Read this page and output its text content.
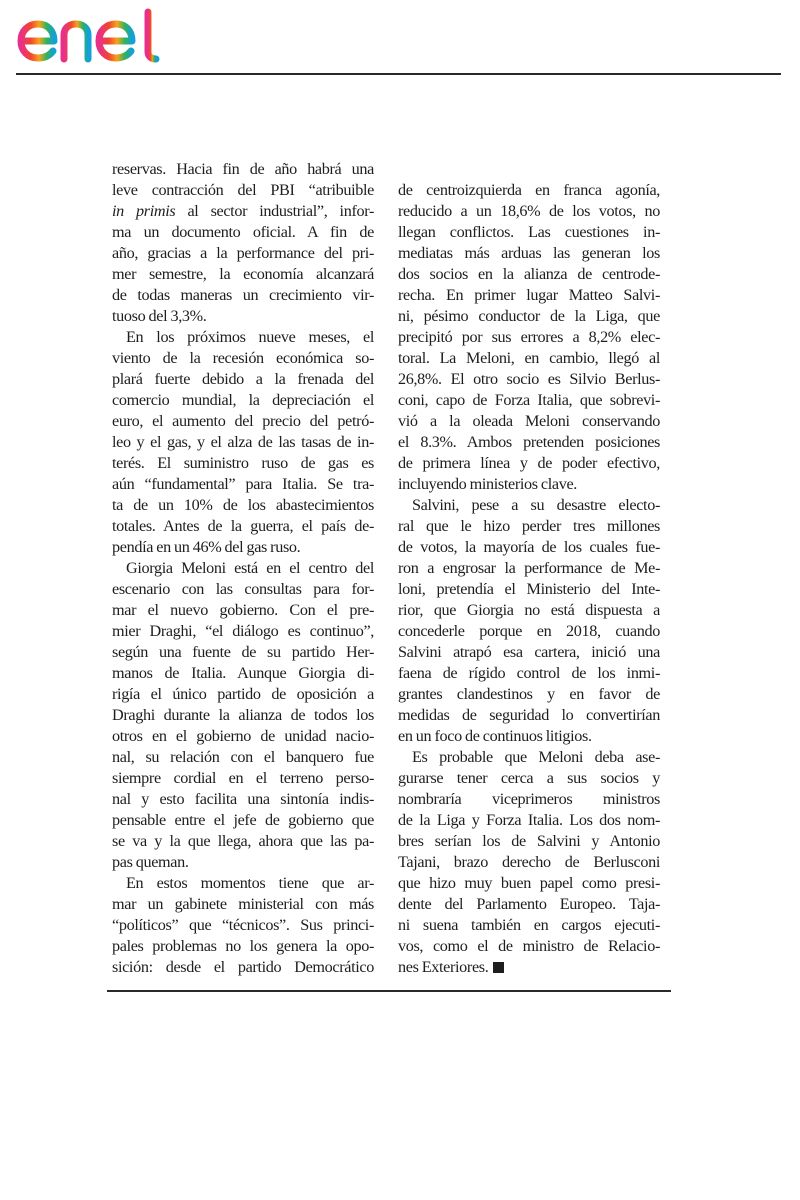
reservas. Hacia fin de año habrá una
leve contracción del PBI “atribuible
in primis al sector industrial”, infor-
ma un documento oficial. A fin de
año, gracias a la performance del pri-
mer semestre, la economía alcanzará
de todas maneras un crecimiento vir-
tuoso del 3,3%.
En los próximos nueve meses, el
viento de la recesión económica so-
plará fuerte debido a la frenada del
comercio mundial, la depreciación el
euro, el aumento del precio del petró-
leo y el gas, y el alza de las tasas de in-
terés. El suministro ruso de gas es
aún “fundamental” para Italia. Se tra-
ta de un 10% de los abastecimientos
totales. Antes de la guerra, el país de-
pendía en un 46% del gas ruso.
Giorgia Meloni está en el centro del
escenario con las consultas para for-
mar el nuevo gobierno. Con el pre-
mier Draghi, “el diálogo es continuo”,
según una fuente de su partido Her-
manos de Italia. Aunque Giorgia di-
rigía el único partido de oposición a
Draghi durante la alianza de todos los
otros en el gobierno de unidad nacio-
nal, su relación con el banquero fue
siempre cordial en el terreno perso-
nal y esto facilita una sintonía indis-
pensable entre el jefe de gobierno que
se va y la que llega, ahora que las pa-
pas queman.
En estos momentos tiene que ar-
mar un gabinete ministerial con más
“políticos” que “técnicos”. Sus princi-
pales problemas no los genera la opo-
sición: desde el partido Democrático
de centroizquierda en franca agonía,
reducido a un 18,6% de los votos, no
llegan conflictos. Las cuestiones in-
mediatas más arduas las generan los
dos socios en la alianza de centrode-
recha. En primer lugar Matteo Salvi-
ni, pésimo conductor de la Liga, que
precipitó por sus errores a 8,2% elec-
toral. La Meloni, en cambio, llegó al
26,8%. El otro socio es Silvio Berlus-
coni, capo de Forza Italia, que sobrevi-
vió a la oleada Meloni conservando
el 8.3%. Ambos pretenden posiciones
de primera línea y de poder efectivo,
incluyendo ministerios clave.
Salvini, pese a su desastre electo-
ral que le hizo perder tres millones
de votos, la mayoría de los cuales fue-
ron a engrosar la performance de Me-
loni, pretendía el Ministerio del Inte-
rior, que Giorgia no está dispuesta a
concederle porque en 2018, cuando
Salvini atrapó esa cartera, inició una
faena de rígido control de los inmi-
grantes clandestinos y en favor de
medidas de seguridad lo convertirían
en un foco de continuos litigios.
Es probable que Meloni deba ase-
gurarse tener cerca a sus socios y
nombraría viceprimeros ministros
de la Liga y Forza Italia. Los dos nom-
bres serían los de Salvini y Antonio
Tajani, brazo derecho de Berlusconi
que hizo muy buen papel como presi-
dente del Parlamento Europeo. Taja-
ni suena también en cargos ejecuti-
vos, como el de ministro de Relacio-
nes Exteriores.
